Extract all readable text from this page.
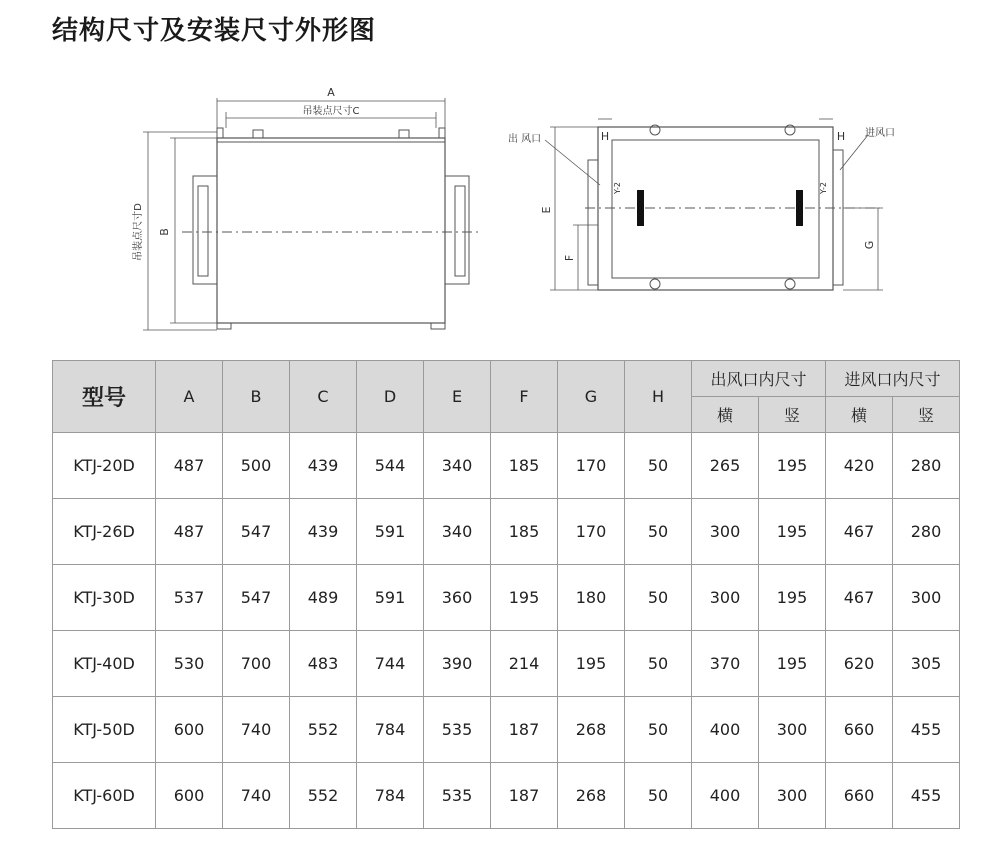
结构尺寸及安装尺寸外形图
A
吊装点尺寸C
B
吊装点尺寸D
出 风口
进风口
H	H
E
F
G
Y-2	Y-2
型号	A	B	C	D	E	F	G	H	出风口内尺寸		进风口内尺寸	
									横	竖	横	竖
KTJ-20D	487	500	439	544	340	185	170	50	265	195	420	280
KTJ-26D	487	547	439	591	340	185	170	50	300	195	467	280
KTJ-30D	537	547	489	591	360	195	180	50	300	195	467	300
KTJ-40D	530	700	483	744	390	214	195	50	370	195	620	305
KTJ-50D	600	740	552	784	535	187	268	50	400	300	660	455
KTJ-60D	600	740	552	784	535	187	268	50	400	300	660	455
